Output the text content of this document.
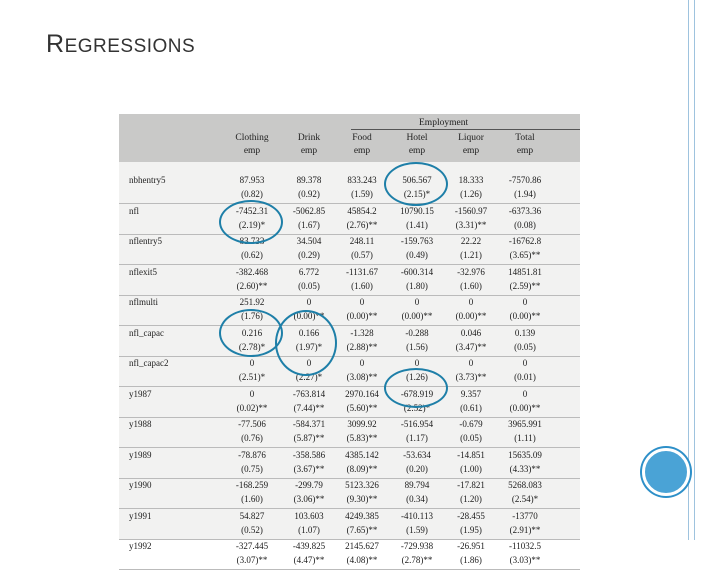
REGRESSIONS
Employment
Clothing
emp
Drink
emp
Food
emp
Hotel
emp
Liquor
emp
Total
emp
nbhentry5	87.953	89.378	833.243	506.567	18.333	-7570.86
(0.82)	(0.92)	(1.59)	(2.15)*	(1.26)	(1.94)
nfl	-7452.31	-5062.85	45854.2	10790.15	-1560.97	-6373.36
(2.19)*	(1.67)	(2.76)**	(1.41)	(3.31)**	(0.08)
nflentry5	83.733	34.504	248.11	-159.763	22.22	-16762.8
(0.62)	(0.29)	(0.57)	(0.49)	(1.21)	(3.65)**
nflexit5	-382.468	6.772	-1131.67	-600.314	-32.976	14851.81
(2.60)**	(0.05)	(1.60)	(1.80)	(1.60)	(2.59)**
nflmulti	251.92	0	0	0	0	0
(1.76)	(0.00)**	(0.00)**	(0.00)**	(0.00)**	(0.00)**
nfl_capac	0.216	0.166	-1.328	-0.288	0.046	0.139
(2.78)*	(1.97)*	(2.88)**	(1.56)	(3.47)**	(0.05)
nfl_capac2	0	0	0	0	0	0
(2.51)*	(2.27)*	(3.08)**	(1.26)	(3.73)**	(0.01)
y1987	0	-763.814	2970.164	-678.919	9.357	0
(0.02)**	(7.44)**	(5.60)**	(2.52)*	(0.61)	(0.00)**
y1988	-77.506	-584.371	3099.92	-516.954	-0.679	3965.991
(0.76)	(5.87)**	(5.83)**	(1.17)	(0.05)	(1.11)
y1989	-78.876	-358.586	4385.142	-53.634	-14.851	15635.09
(0.75)	(3.67)**	(8.09)**	(0.20)	(1.00)	(4.33)**
y1990	-168.259	-299.79	5123.326	89.794	-17.821	5268.083
(1.60)	(3.06)**	(9.30)**	(0.34)	(1.20)	(2.54)*
y1991	54.827	103.603	4249.385	-410.113	-28.455	-13770
(0.52)	(1.07)	(7.65)**	(1.59)	(1.95)	(2.91)**
y1992	-327.445	-439.825	2145.627	-729.938	-26.951	-11032.5
(3.07)**	(4.47)**	(4.08)**	(2.78)**	(1.86)	(3.03)**
